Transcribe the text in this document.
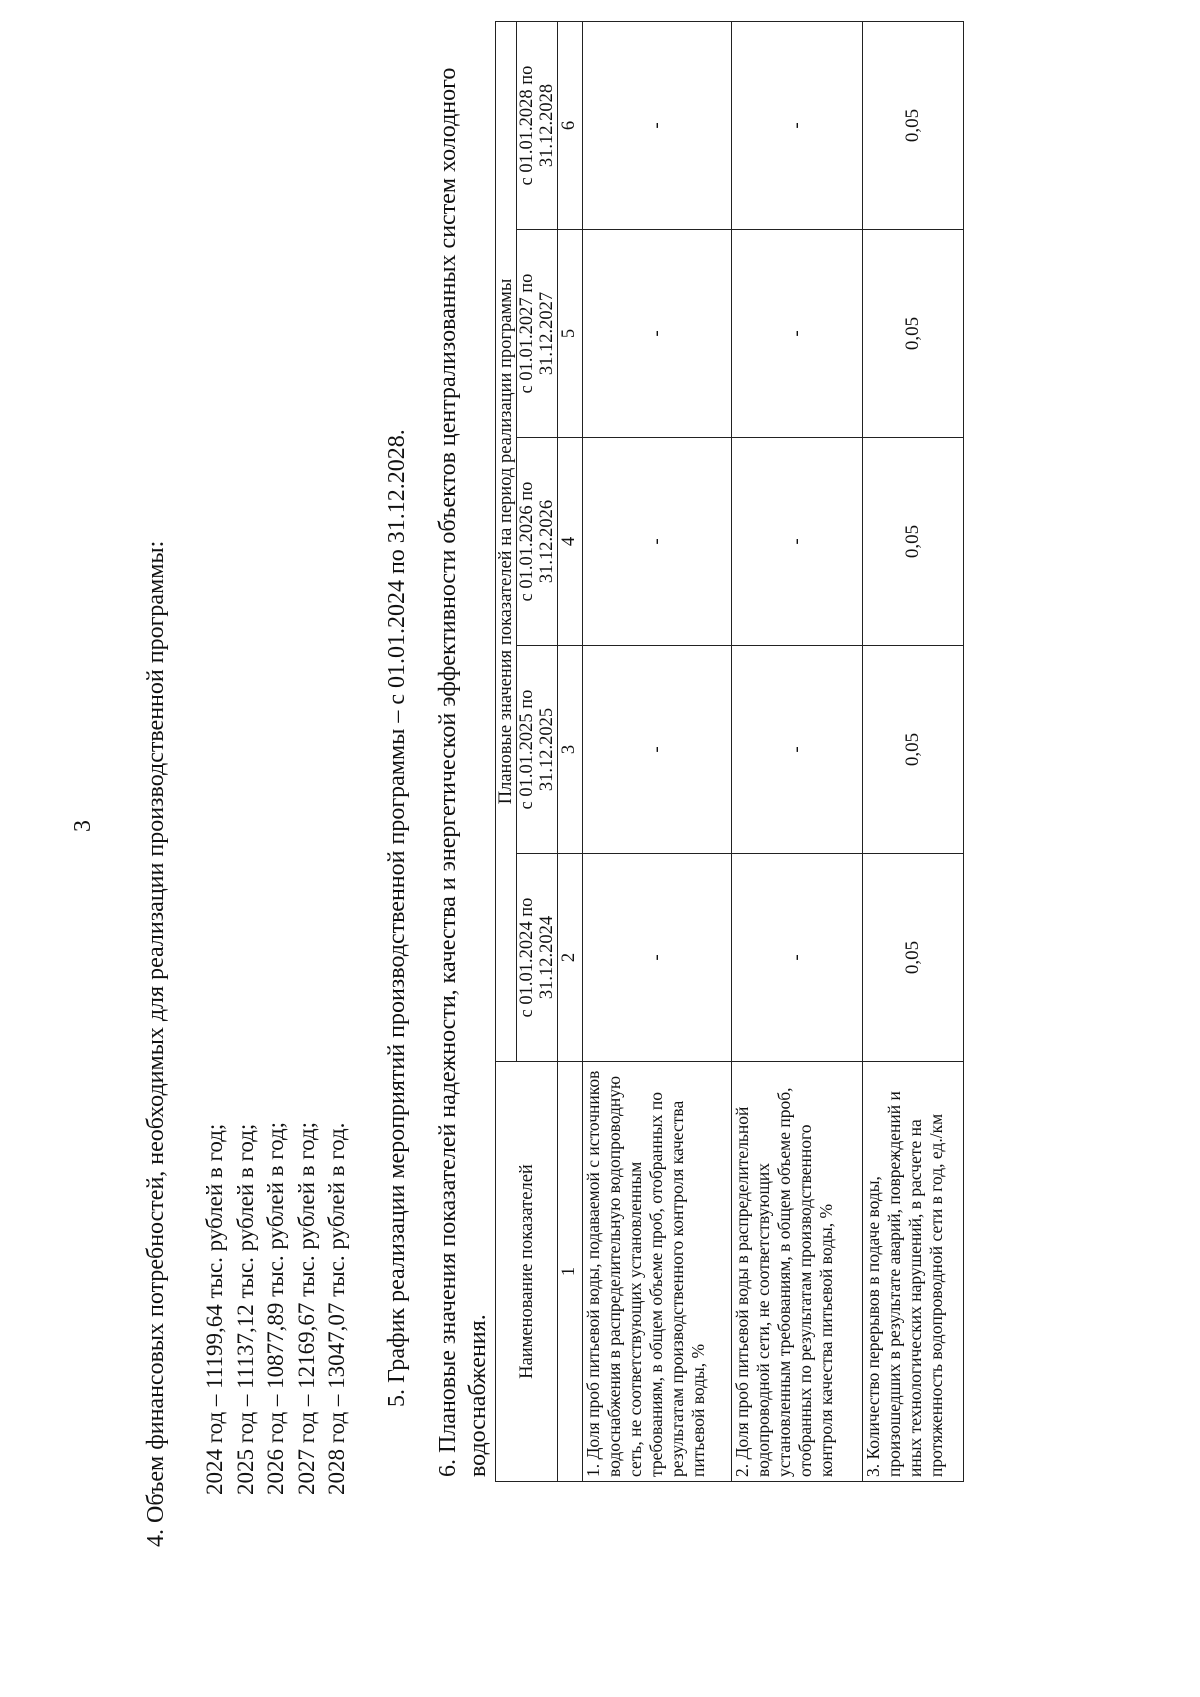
3 4. Объем финансовых потребностей, необходимых для реализации производственной программы: 2024 год – 11199,64 тыс. рублей в год; 2025 год – 11137,12 тыс. рублей в год; 2026 год – 10877,89 тыс. рублей в год; 2027 год – 12169,67 тыс. рублей в год; 2028 год – 13047,07 тыс. рублей в год. 5. График реализации мероприятий производственной программы – с 01.01.2024 по 31.12.2028. 6. Плановые значения показателей надежности, качества и энергетической эффективности объектов централизованных систем холодного водоснабжения.
Наименование показателей	Плановые значения показателей на период реализации программы				
	с 01.01.2024 по 31.12.2024	с 01.01.2025 по 31.12.2025	с 01.01.2026 по 31.12.2026	с 01.01.2027 по 31.12.2027	с 01.01.2028 по 31.12.2028
1	2	3	4	5	6
1. Доля проб питьевой воды, подаваемой с источников водоснабжения в распределительную водопроводную сеть, не соответствующих установленным требованиям, в общем объеме проб, отобранных по результатам производственного контроля качества питьевой воды, %	-	-	-	-	-
2. Доля проб питьевой воды в распределительной водопроводной сети, не соответствующих установленным требованиям, в общем объеме проб, отобранных по результатам производственного контроля качества питьевой воды, %	-	-	-	-	-
3. Количество перерывов в подаче воды, произошедших в результате аварий, повреждений и иных технологических нарушений, в расчете на протяженность водопроводной сети в год, ед./км	0,05	0,05	0,05	0,05	0,05
